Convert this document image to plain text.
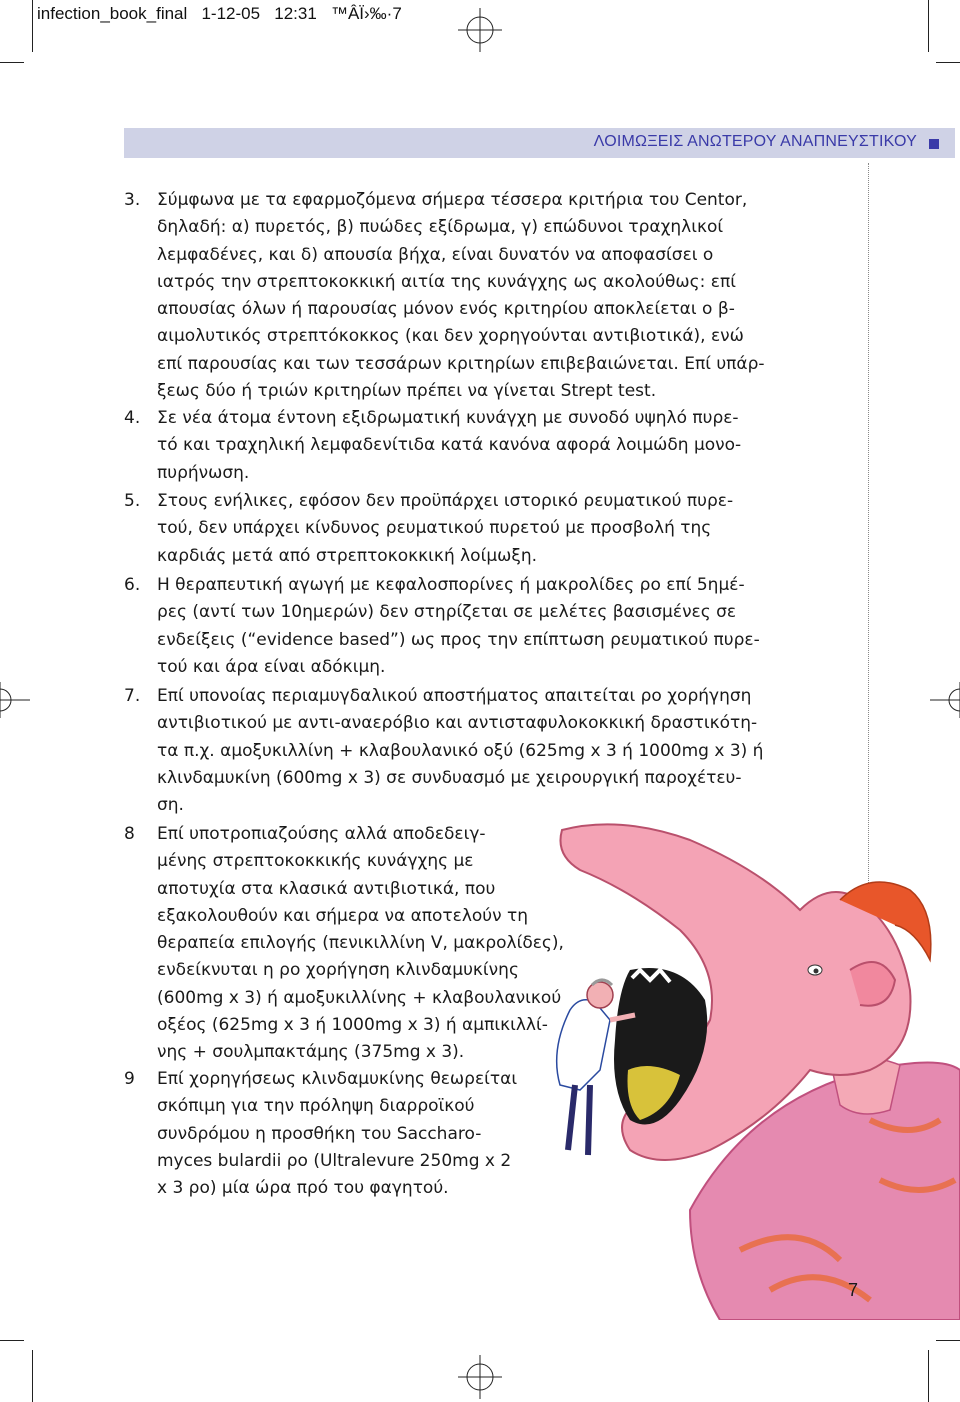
infection_book_final 1-12-05 12:31 ™ÂÏ›‰·7
ΛΟΙΜΩΞΕΙΣ ΑΝΩΤΕΡΟΥ ΑΝΑΠΝΕΥΣΤΙΚΟΥ
3. Σύμφωνα με τα εφαρμοζόμενα σήμερα τέσσερα κριτήρια του Centor,
δηλαδή: α) πυρετός, β) πυώδες εξίδρωμα, γ) επώδυνοι τραχηλικοί
λεμφαδένες, και δ) απουσία βήχα, είναι δυνατόν να αποφασίσει ο
ιατρός την στρεπτοκοκκική αιτία της κυνάγχης ως ακολούθως: επί
απουσίας όλων ή παρουσίας μόνον ενός κριτηρίου αποκλείεται ο β-
αιμολυτικός στρεπτόκοκκος (και δεν χορηγούνται αντιβιοτικά), ενώ
επί παρουσίας και των τεσσάρων κριτηρίων επιβεβαιώνεται. Επί υπάρ-
ξεως δύο ή τριών κριτηρίων πρέπει να γίνεται Strept test.
4. Σε νέα άτομα έντονη εξιδρωματική κυνάγχη με συνοδό υψηλό πυρε-
τό και τραχηλική λεμφαδενίτιδα κατά κανόνα αφορά λοιμώδη μονο-
πυρήνωση.
5. Στους ενήλικες, εφόσον δεν προϋπάρχει ιστορικό ρευματικού πυρε-
τού, δεν υπάρχει κίνδυνος ρευματικού πυρετού με προσβολή της
καρδιάς μετά από στρεπτοκοκκική λοίμωξη.
6. Η θεραπευτική αγωγή με κεφαλοσπορίνες ή μακρολίδες ρο επί 5ημέ-
ρες (αντί των 10ημερών) δεν στηρίζεται σε μελέτες βασισμένες σε
ενδείξεις (“evidence based”) ως προς την επίπτωση ρευματικού πυρε-
τού και άρα είναι αδόκιμη.
7. Επί υπονοίας περιαμυγδαλικού αποστήματος απαιτείται ρο χορήγηση
αντιβιοτικού με αντι-αναερόβιο και αντισταφυλοκοκκική δραστικότη-
τα π.χ. αμοξυκιλλίνη + κλαβουλανικό οξύ (625mg x 3 ή 1000mg x 3) ή
κλινδαμυκίνη (600mg x 3) σε συνδυασμό με χειρουργική παροχέτευ-
ση.
8 Επί υποτροπιαζούσης αλλά αποδεδειγ-
μένης στρεπτοκοκκικής κυνάγχης με
αποτυχία στα κλασικά αντιβιοτικά, που
εξακολουθούν και σήμερα να αποτελούν τη
θεραπεία επιλογής (πενικιλλίνη V, μακρολίδες),
ενδείκνυται η ρο χορήγηση κλινδαμυκίνης
(600mg x 3) ή αμοξυκιλλίνης + κλαβουλανικού
οξέος (625mg x 3 ή 1000mg x 3) ή αμπικιλλί-
νης + σουλμπακτάμης (375mg x 3).
9 Επί χορηγήσεως κλινδαμυκίνης θεωρείται
σκόπιμη για την πρόληψη διαρροϊκού
συνδρόμου η προσθήκη του Saccharo-
myces bulardii ρο (Ultralevure 250mg x 2
x 3 ρο) μία ώρα πρό του φαγητού.
7
